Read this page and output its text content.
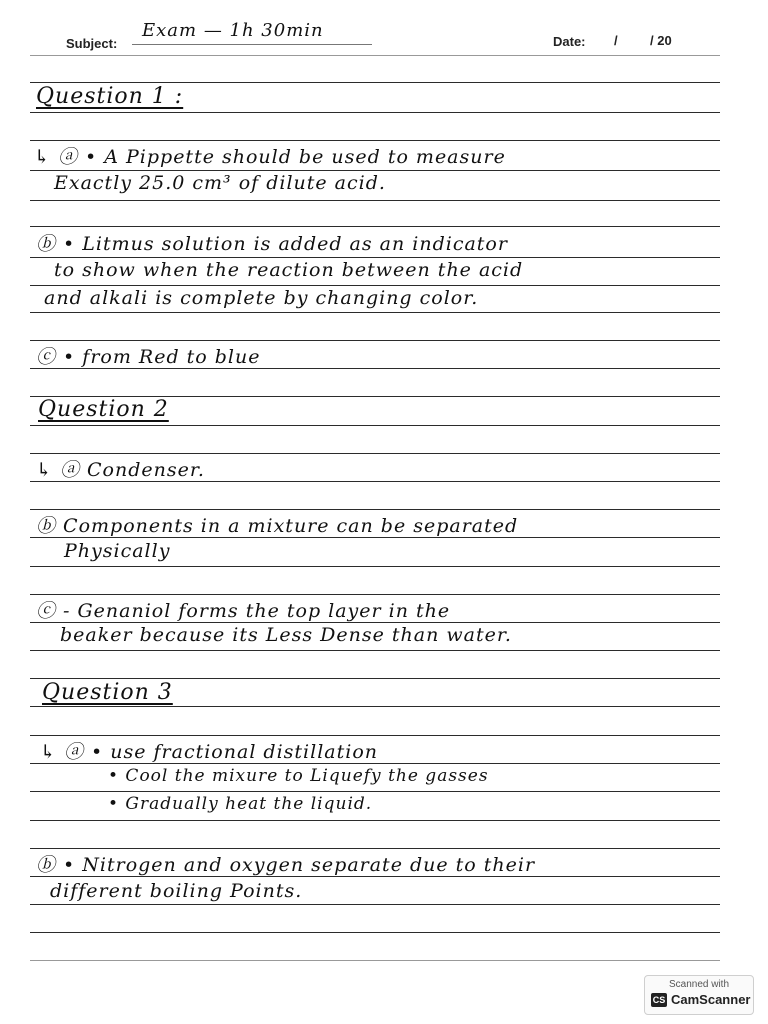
Subject:
Exam — 1h 30min
Date: / / 20
Question 1 :
↳ ⓐ • A Pippette should be used to measure
Exactly 25.0 cm³ of dilute acid.
ⓑ • Litmus solution is added as an indicator
to show when the reaction between the acid
and alkali is complete by changing color.
ⓒ • from Red to blue
Question 2
↳ ⓐ Condenser.
ⓑ Components in a mixture can be separated
Physically
ⓒ - Genaniol forms the top layer in the
beaker because its Less Dense than water.
Question 3
↳ ⓐ • use fractional distillation
• Cool the mixure to Liquefy the gasses
• Gradually heat the liquid.
ⓑ • Nitrogen and oxygen separate due to their
different boiling Points.
Scanned with
CS CamScanner
